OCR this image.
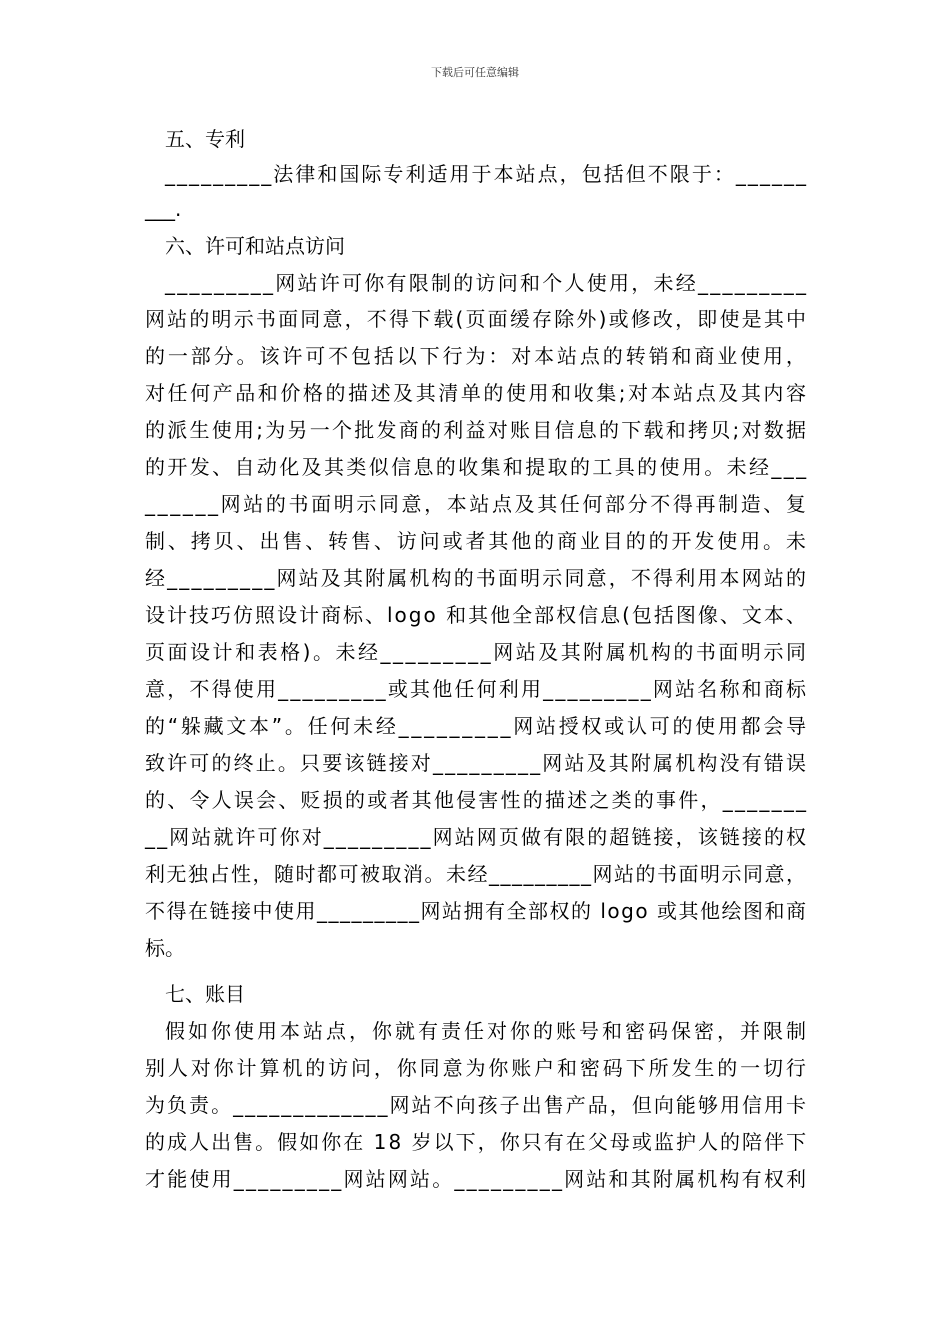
下载后可任意编辑
五、专利
_________法律和国际专利适用于本站点，包括但不限于：______
___.
六、许可和站点访问
_________网站许可你有限制的访问和个人使用，未经_________
网站的明示书面同意，不得下载(页面缓存除外)或修改，即使是其中
的一部分。该许可不包括以下行为：对本站点的转销和商业使用，
对任何产品和价格的描述及其清单的使用和收集;对本站点及其内容
的派生使用;为另一个批发商的利益对账目信息的下载和拷贝;对数据
的开发、自动化及其类似信息的收集和提取的工具的使用。未经___
______网站的书面明示同意，本站点及其任何部分不得再制造、复
制、拷贝、出售、转售、访问或者其他的商业目的的开发使用。未
经_________网站及其附属机构的书面明示同意，不得利用本网站的
设计技巧仿照设计商标、logo 和其他全部权信息(包括图像、文本、
页面设计和表格)。未经_________网站及其附属机构的书面明示同
意，不得使用_________或其他任何利用_________网站名称和商标
的“躲藏文本”。任何未经_________网站授权或认可的使用都会导
致许可的终止。只要该链接对_________网站及其附属机构没有错误
的、令人误会、贬损的或者其他侵害性的描述之类的事件，_______
__网站就许可你对_________网站网页做有限的超链接，该链接的权
利无独占性，随时都可被取消。未经_________网站的书面明示同意，
不得在链接中使用_________网站拥有全部权的 logo 或其他绘图和商
标。
七、账目
假如你使用本站点，你就有责任对你的账号和密码保密，并限制
别人对你计算机的访问，你同意为你账户和密码下所发生的一切行
为负责。_____________网站不向孩子出售产品，但向能够用信用卡
的成人出售。假如你在 18 岁以下，你只有在父母或监护人的陪伴下
才能使用_________网站网站。_________网站和其附属机构有权利
